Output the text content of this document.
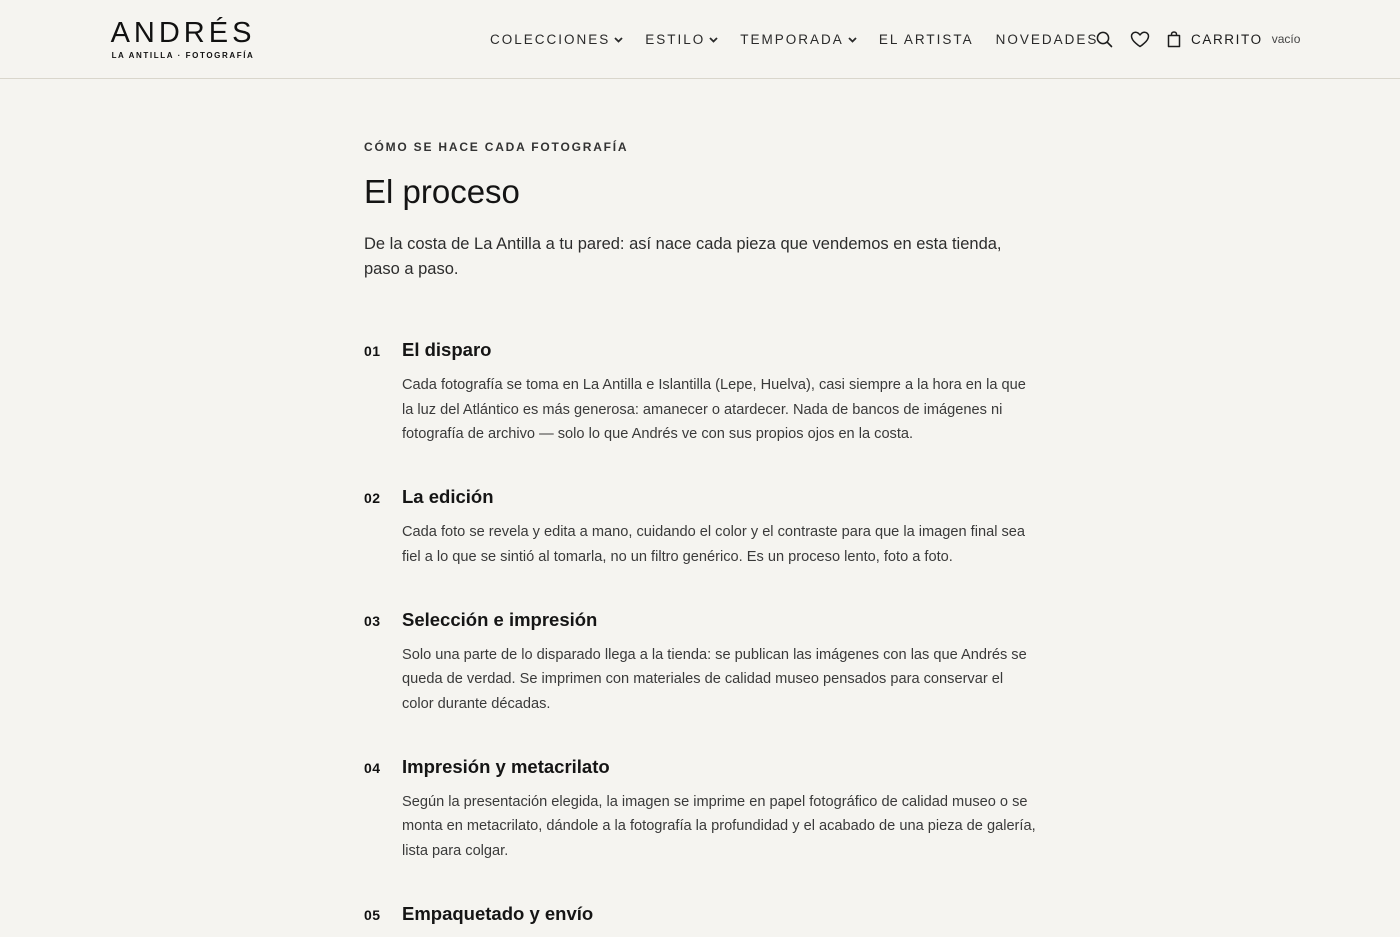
ANDRÉS
LA ANTILLA · FOTOGRAFÍA
COLECCIONES	ESTILO	TEMPORADA	EL ARTISTA NOVEDADES	CARRITO vacío

CÓMO SE HACE CADA FOTOGRAFÍA

El proceso

De la costa de La Antilla a tu pared: así nace cada pieza que vendemos en esta tienda, paso a paso.

01	El disparo

Cada fotografía se toma en La Antilla e Islantilla (Lepe, Huelva), casi siempre a la hora en la que la luz del Atlántico es más generosa: amanecer o atardecer. Nada de bancos de imágenes ni fotografía de archivo — solo lo que Andrés ve con sus propios ojos en la costa.

02	La edición

Cada foto se revela y edita a mano, cuidando el color y el contraste para que la imagen final sea fiel a lo que se sintió al tomarla, no un filtro genérico. Es un proceso lento, foto a foto.

03	Selección e impresión

Solo una parte de lo disparado llega a la tienda: se publican las imágenes con las que Andrés se queda de verdad. Se imprimen con materiales de calidad museo pensados para conservar el color durante décadas.

04	Impresión y metacrilato

Según la presentación elegida, la imagen se imprime en papel fotográfico de calidad museo o se monta en metacrilato, dándole a la fotografía la profundidad y el acabado de una pieza de galería, lista para colgar.

05	Empaquetado y envío
